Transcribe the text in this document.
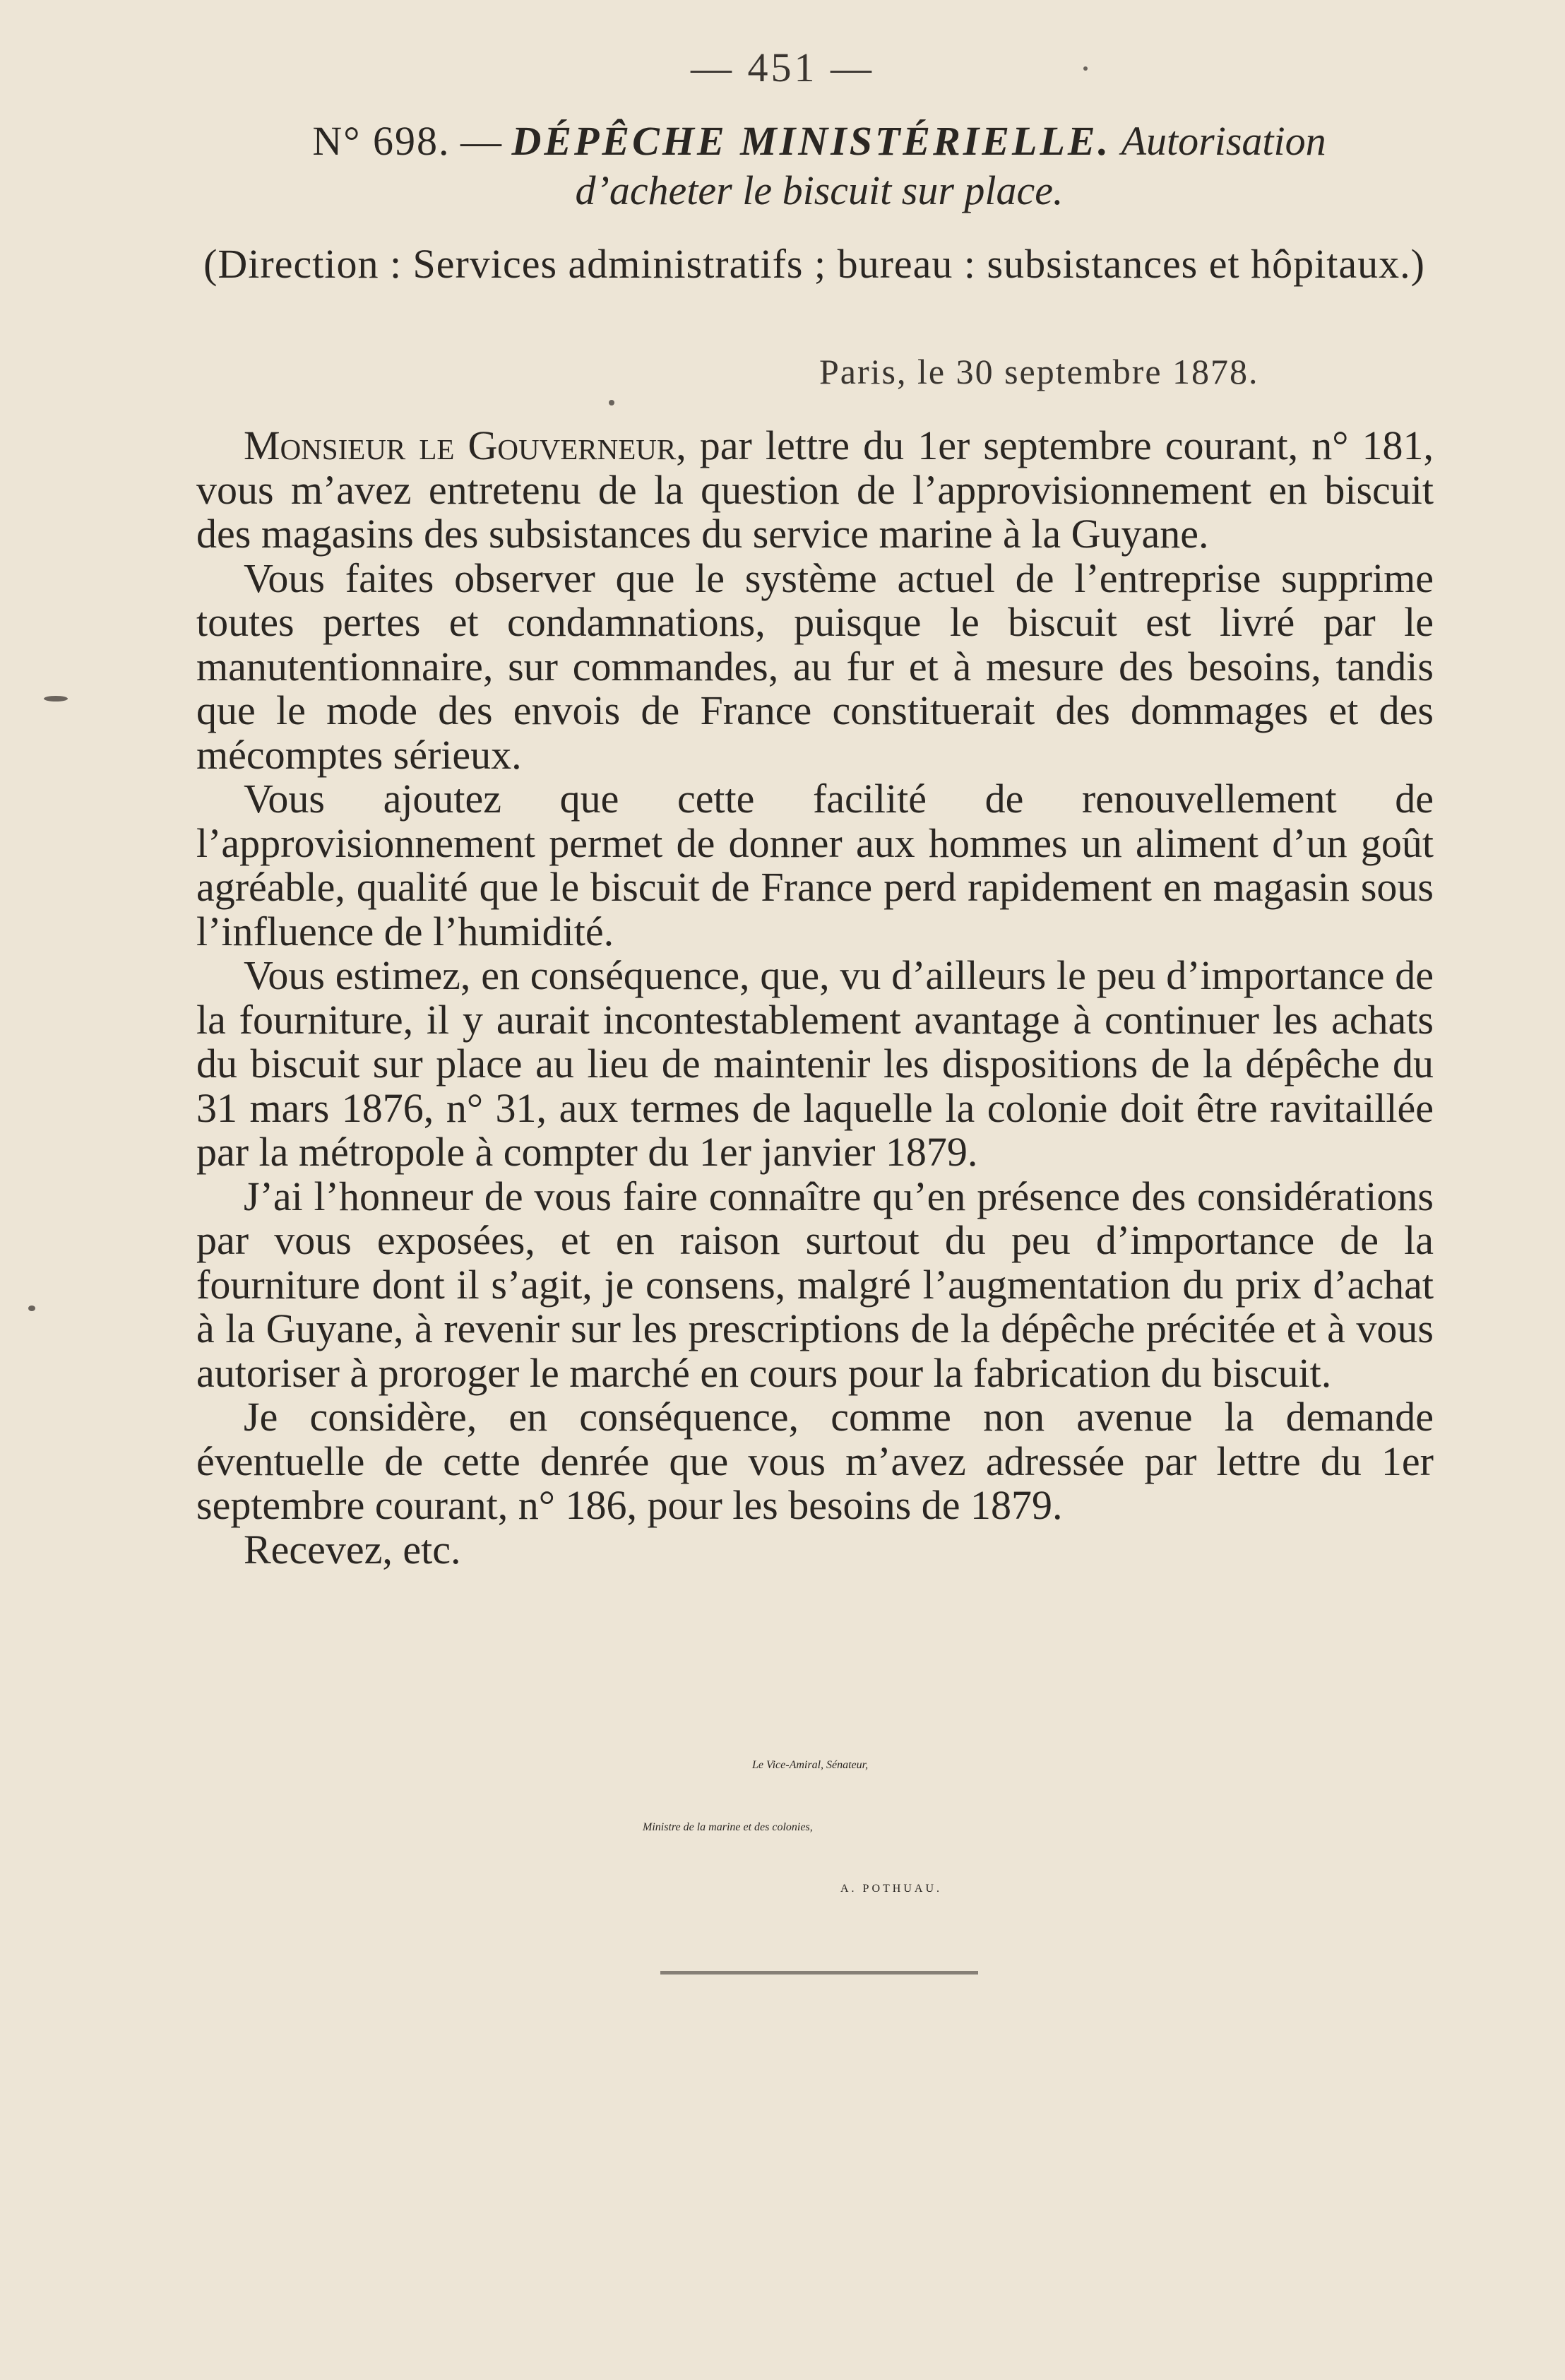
— 451 —
N° 698. — DÉPÊCHE MINISTÉRIELLE. Autorisation
d’acheter le biscuit sur place.
(Direction : Services administratifs ; bureau : subsistances et hôpitaux.)
Paris, le 30 septembre 1878.

Monsieur le Gouverneur, par lettre du 1er septembre courant, n° 181, vous m’avez entretenu de la question de l’approvisionnement en biscuit des magasins des subsistances du service marine à la Guyane.

Vous faites observer que le système actuel de l’entreprise supprime toutes pertes et condamnations, puisque le biscuit est livré par le manutentionnaire, sur commandes, au fur et à mesure des besoins, tandis que le mode des envois de France constituerait des dommages et des mécomptes sérieux.

Vous ajoutez que cette facilité de renouvellement de l’approvisionnement permet de donner aux hommes un aliment d’un goût agréable, qualité que le biscuit de France perd rapidement en magasin sous l’influence de l’humidité.

Vous estimez, en conséquence, que, vu d’ailleurs le peu d’importance de la fourniture, il y aurait incontestablement avantage à continuer les achats du biscuit sur place au lieu de maintenir les dispositions de la dépêche du 31 mars 1876, n° 31, aux termes de laquelle la colonie doit être ravitaillée par la métropole à compter du 1er janvier 1879.

J’ai l’honneur de vous faire connaître qu’en présence des considérations par vous exposées, et en raison surtout du peu d’importance de la fourniture dont il s’agit, je consens, malgré l’augmentation du prix d’achat à la Guyane, à revenir sur les prescriptions de la dépêche précitée et à vous autoriser à proroger le marché en cours pour la fabrication du biscuit.

Je considère, en conséquence, comme non avenue la demande éventuelle de cette denrée que vous m’avez adressée par lettre du 1er septembre courant, n° 186, pour les besoins de 1879.

Recevez, etc.

Le Vice-Amiral, Sénateur,
Ministre de la marine et des colonies,
A. POTHUAU.
